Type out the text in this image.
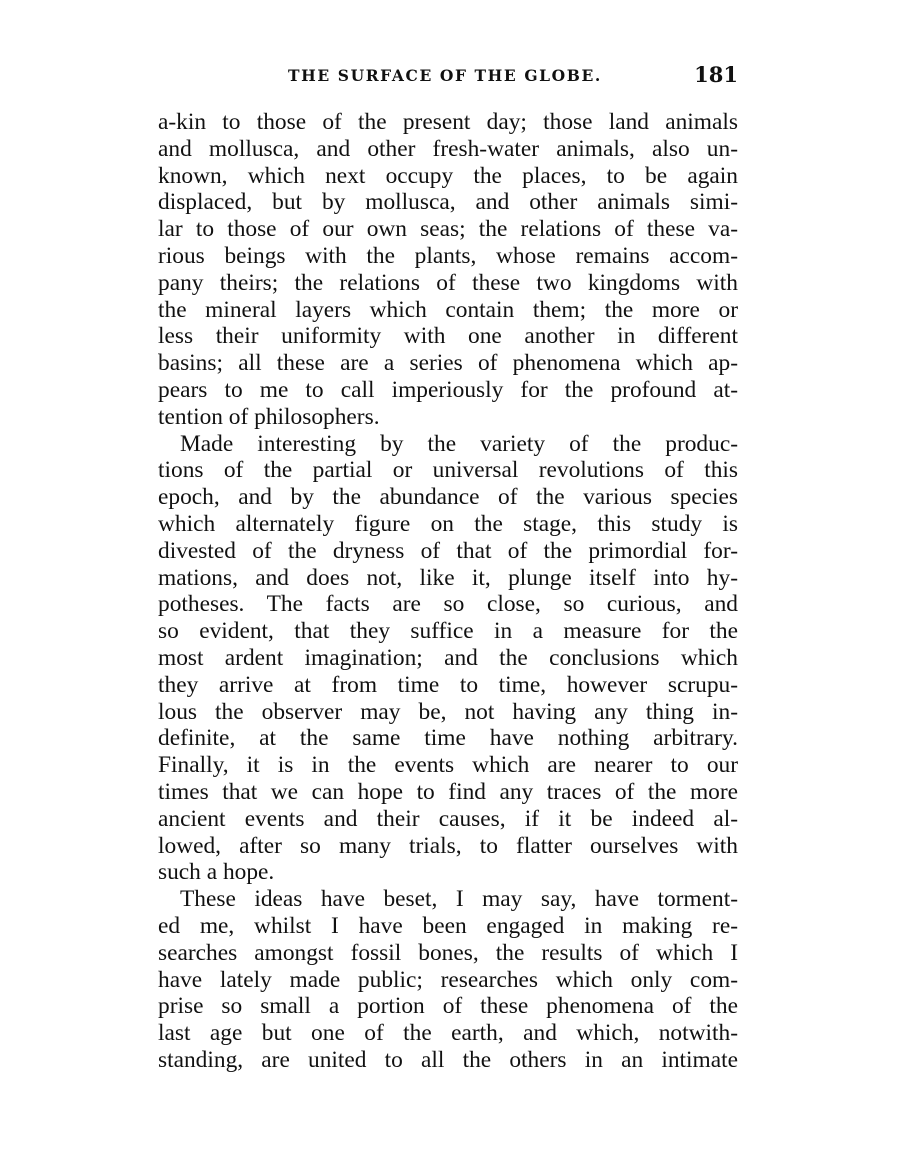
THE SURFACE OF THE GLOBE.	181
a-kin to those of the present day; those land animals
and mollusca, and other fresh-water animals, also un-
known, which next occupy the places, to be again
displaced, but by mollusca, and other animals simi-
lar to those of our own seas; the relations of these va-
rious beings with the plants, whose remains accom-
pany theirs; the relations of these two kingdoms with
the mineral layers which contain them; the more or
less their uniformity with one another in different
basins; all these are a series of phenomena which ap-
pears to me to call imperiously for the profound at-
tention of philosophers.
Made interesting by the variety of the produc-
tions of the partial or universal revolutions of this
epoch, and by the abundance of the various species
which alternately figure on the stage, this study is
divested of the dryness of that of the primordial for-
mations, and does not, like it, plunge itself into hy-
potheses. The facts are so close, so curious, and
so evident, that they suffice in a measure for the
most ardent imagination; and the conclusions which
they arrive at from time to time, however scrupu-
lous the observer may be, not having any thing in-
definite, at the same time have nothing arbitrary.
Finally, it is in the events which are nearer to our
times that we can hope to find any traces of the more
ancient events and their causes, if it be indeed al-
lowed, after so many trials, to flatter ourselves with
such a hope.
These ideas have beset, I may say, have torment-
ed me, whilst I have been engaged in making re-
searches amongst fossil bones, the results of which I
have lately made public; researches which only com-
prise so small a portion of these phenomena of the
last age but one of the earth, and which, notwith-
standing, are united to all the others in an intimate
